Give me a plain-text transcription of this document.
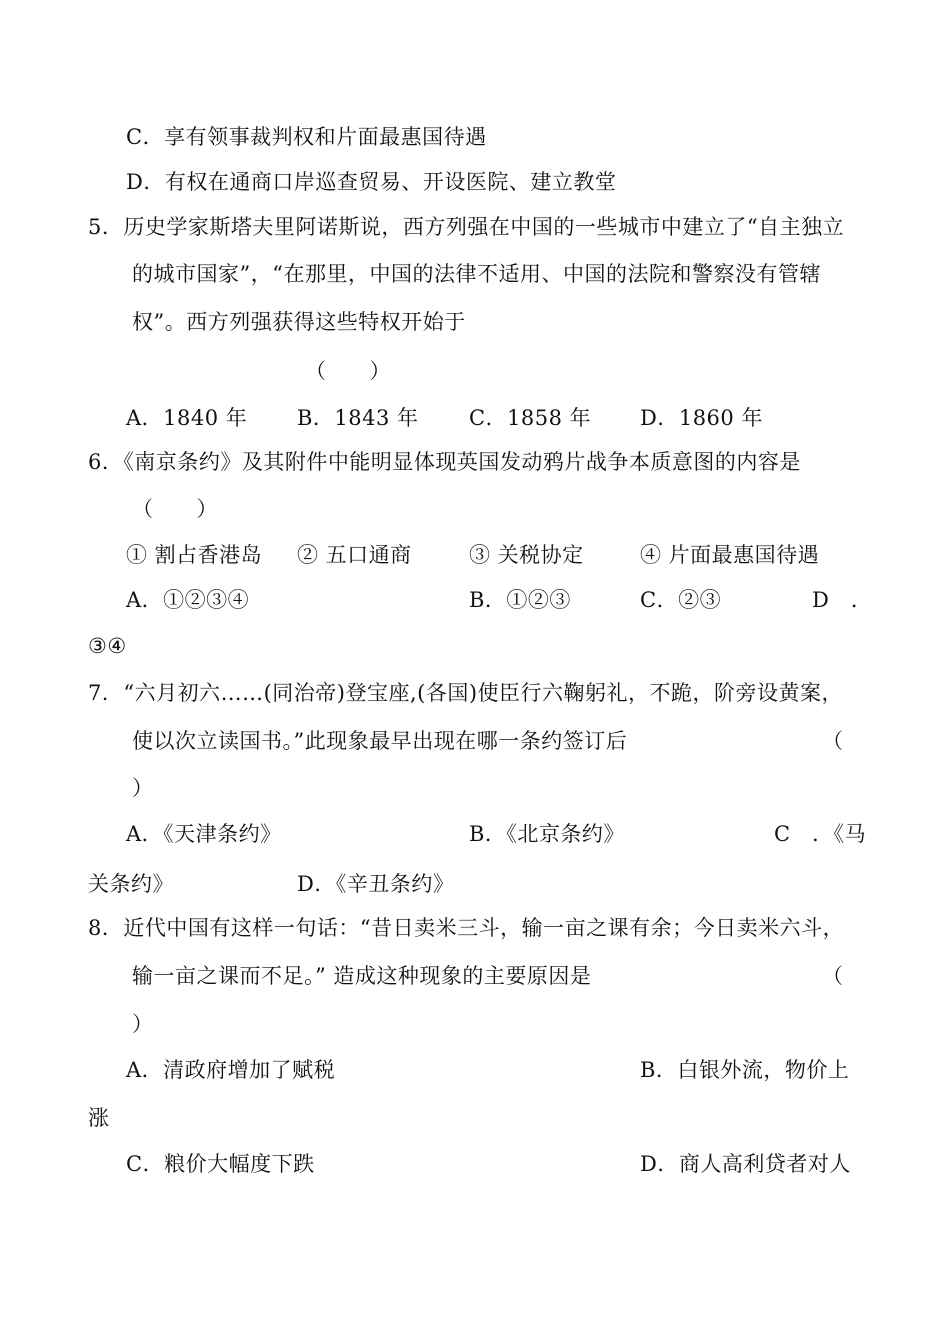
C．享有领事裁判权和片面最惠国待遇
D．有权在通商口岸巡查贸易、开设医院、建立教堂
5．历史学家斯塔夫里阿诺斯说，西方列强在中国的一些城市中建立了“自主独立
的城市国家”，“在那里，中国的法律不适用、中国的法院和警察没有管辖
权”。西方列强获得这些特权开始于
（　　）
A．1840 年 B．1843 年 C．1858 年 D．1860 年
6．《南京条约》及其附件中能明显体现英国发动鸦片战争本质意图的内容是
（　　）
① 割占香港岛 ② 五口通商	③ 关税协定	④ 片面最惠国待遇
A．①②③④	B．①②③	C．②③	D　．
③④
7．“六月初六……(同治帝)登宝座,(各国)使臣行六鞠躬礼，不跪，阶旁设黄案，
使以次立读国书。”此现象最早出现在哪一条约签订后	（
）
A．《天津条约》	B．《北京条约》	C　．《马
关条约》	D．《辛丑条约》
8．近代中国有这样一句话：“昔日卖米三斗，输一亩之课有余；今日卖米六斗，
输一亩之课而不足。” 造成这种现象的主要原因是	（
）
A．清政府增加了赋税	B．白银外流，物价上
涨
C．粮价大幅度下跌	D．商人高利贷者对人
